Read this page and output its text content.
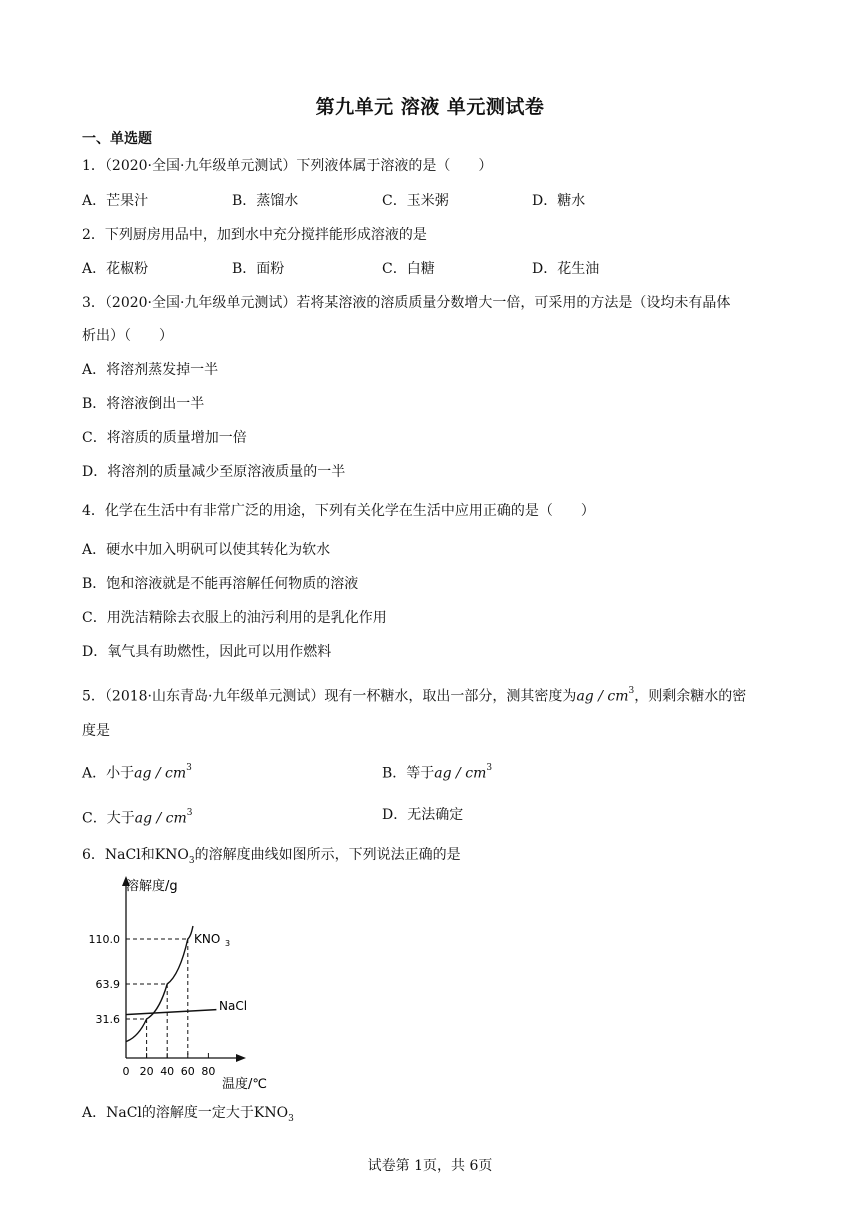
第九单元 溶液 单元测试卷
一、单选题
1．（2020·全国·九年级单元测试）下列液体属于溶液的是（　　）
A．芒果汁	B．蒸馏水	C．玉米粥	D．糖水
2．下列厨房用品中，加到水中充分搅拌能形成溶液的是
A．花椒粉	B．面粉	C．白糖	D．花生油
3．（2020·全国·九年级单元测试）若将某溶液的溶质质量分数增大一倍，可采用的方法是（设均未有晶体
析出）（　　）
A．将溶剂蒸发掉一半
B．将溶液倒出一半
C．将溶质的质量增加一倍
D．将溶剂的质量减少至原溶液质量的一半
4．化学在生活中有非常广泛的用途，下列有关化学在生活中应用正确的是（　　）
A．硬水中加入明矾可以使其转化为软水
B．饱和溶液就是不能再溶解任何物质的溶液
C．用洗洁精除去衣服上的油污利用的是乳化作用
D．氧气具有助燃性，因此可以用作燃料
5．（2018·山东青岛·九年级单元测试）现有一杯糖水，取出一部分，测其密度为ag / $cm^3$，则剩余糖水的密
度是
A．小于ag / $cm^3$	B．等于ag / $cm^3$
C．大于ag / $cm^3$	D．无法确定
6．NaCl和$KNO_3$的溶解度曲线如图所示，下列说法正确的是
溶解度/g
温度/℃
0 20 40 60 80
31.6
63.9
110.0	KNO 3
NaCl
A．NaCl的溶解度一定大于$KNO_3$
试卷第 1页，共 6页
